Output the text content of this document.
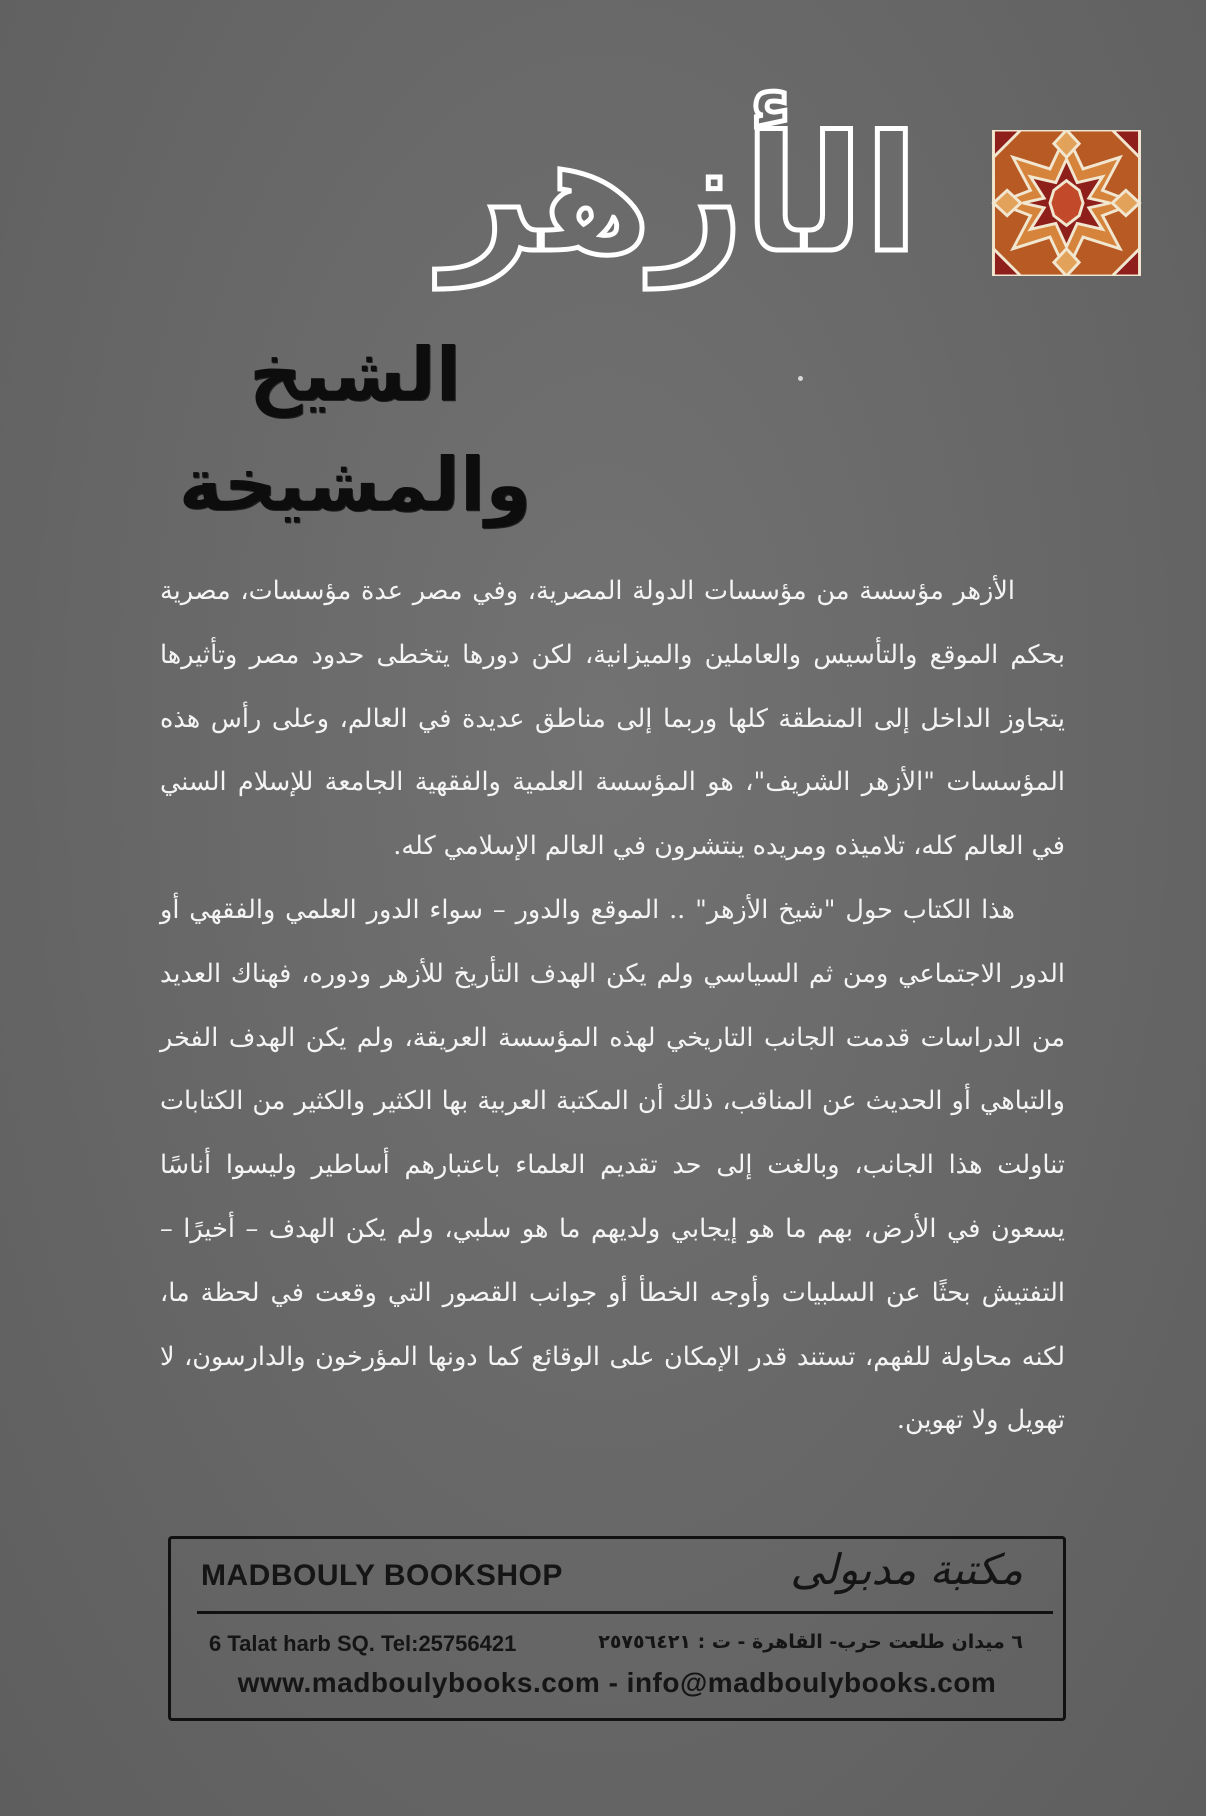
الأزهر
الشيخ والمشيخة

الأزهر مؤسسة من مؤسسات الدولة المصرية، وفي مصر عدة مؤسسات، مصرية بحكم الموقع والتأسيس والعاملين والميزانية، لكن دورها يتخطى حدود مصر وتأثيرها يتجاوز الداخل إلى المنطقة كلها وربما إلى مناطق عديدة في العالم، وعلى رأس هذه المؤسسات "الأزهر الشريف"، هو المؤسسة العلمية والفقهية الجامعة للإسلام السني في العالم كله، تلاميذه ومريده ينتشرون في العالم الإسلامي كله.

هذا الكتاب حول "شيخ الأزهر" .. الموقع والدور – سواء الدور العلمي والفقهي أو الدور الاجتماعي ومن ثم السياسي ولم يكن الهدف التأريخ للأزهر ودوره، فهناك العديد من الدراسات قدمت الجانب التاريخي لهذه المؤسسة العريقة، ولم يكن الهدف الفخر والتباهي أو الحديث عن المناقب، ذلك أن المكتبة العربية بها الكثير والكثير من الكتابات تناولت هذا الجانب، وبالغت إلى حد تقديم العلماء باعتبارهم أساطير وليسوا أناسًا يسعون في الأرض، بهم ما هو إيجابي ولديهم ما هو سلبي، ولم يكن الهدف – أخيرًا – التفتيش بحثًا عن السلبيات وأوجه الخطأ أو جوانب القصور التي وقعت في لحظة ما، لكنه محاولة للفهم، تستند قدر الإمكان على الوقائع كما دونها المؤرخون والدارسون، لا تهويل ولا تهوين.

MADBOULY BOOKSHOP	مكتبة مدبولى
6 Talat harb SQ. Tel:25756421	٦ ميدان طلعت حرب- القاهرة - ت : ٢٥٧٥٦٤٢١
www.madboulybooks.com - info@madboulybooks.com
